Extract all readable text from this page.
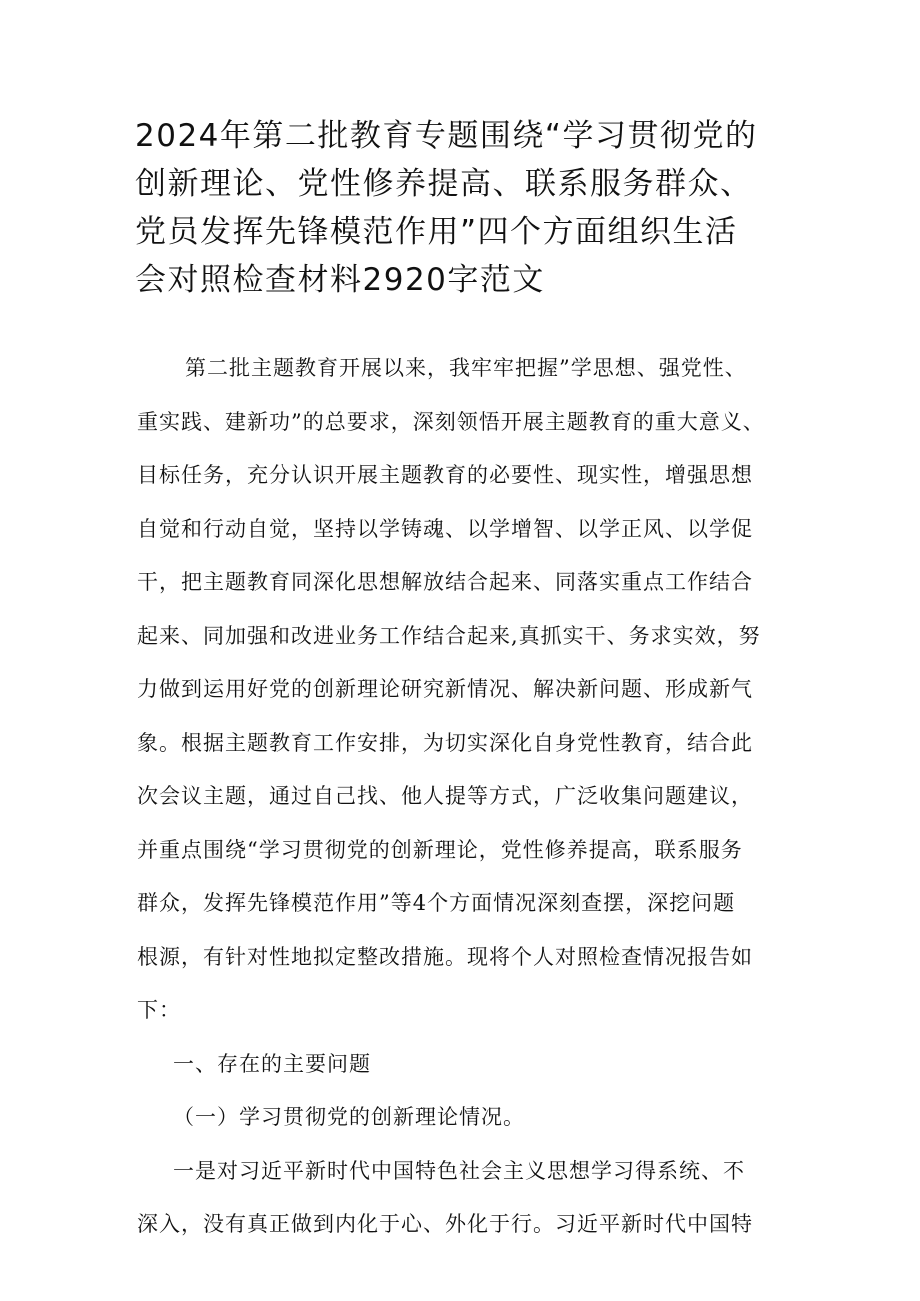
2024年第二批教育专题围绕“学习贯彻党的
创新理论、党性修养提高、联系服务群众、
党员发挥先锋模范作用”四个方面组织生活
会对照检查材料2920字范文
第二批主题教育开展以来，我牢牢把握”学思想、强党性、
重实践、建新功”的总要求，深刻领悟开展主题教育的重大意义、
目标任务，充分认识开展主题教育的必要性、现实性，增强思想
自觉和行动自觉，坚持以学铸魂、以学增智、以学正风、以学促
干，把主题教育同深化思想解放结合起来、同落实重点工作结合
起来、同加强和改进业务工作结合起来,真抓实干、务求实效，努
力做到运用好党的创新理论研究新情况、解决新问题、形成新气
象。根据主题教育工作安排，为切实深化自身党性教育，结合此
次会议主题，通过自己找、他人提等方式，广泛收集问题建议，
并重点围绕“学习贯彻党的创新理论，党性修养提高，联系服务
群众，发挥先锋模范作用”等4个方面情况深刻查摆，深挖问题
根源，有针对性地拟定整改措施。现将个人对照检查情况报告如
下：
一、存在的主要问题
（一）学习贯彻党的创新理论情况。
一是对习近平新时代中国特色社会主义思想学习得系统、不
深入，没有真正做到内化于心、外化于行。习近平新时代中国特
